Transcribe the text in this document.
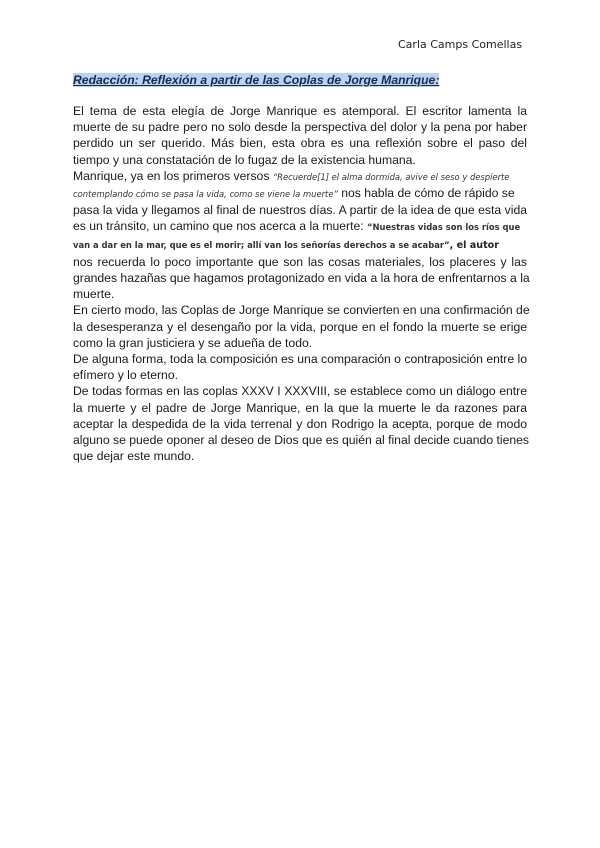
Carla Camps Comellas
Redacción: Reflexión a partir de las Coplas de Jorge Manrique:
El tema de esta elegía de Jorge Manrique es atemporal. El escritor lamenta la
muerte de su padre pero no solo desde la perspectiva del dolor y la pena por haber
perdido un ser querido. Más bien, esta obra es una reflexión sobre el paso del
tiempo y una constatación de lo fugaz de la existencia humana.
Manrique, ya en los primeros versos “Recuerde[1] el alma dormida, avive el seso y despierte
contemplando cómo se pasa la vida, como se viene la muerte” nos habla de cómo de rápido se
pasa la vida y llegamos al final de nuestros días. A partir de la idea de que esta vida
es un tránsito, un camino que nos acerca a la muerte: “Nuestras vidas son los ríos que
van a dar en la mar, que es el morir; allí van los señorías derechos a se acabar”, el autor
nos recuerda lo poco importante que son las cosas materiales, los placeres y las
grandes hazañas que hagamos protagonizado en vida a la hora de enfrentarnos a la
muerte.
En cierto modo, las Coplas de Jorge Manrique se convierten en una confirmación de
la desesperanza y el desengaño por la vida, porque en el fondo la muerte se erige
como la gran justiciera y se adueña de todo.
De alguna forma, toda la composición es una comparación o contraposición entre lo
efímero y lo eterno.
De todas formas en las coplas XXXV I XXXVIII, se establece como un diálogo entre
la muerte y el padre de Jorge Manrique, en la que la muerte le da razones para
aceptar la despedida de la vida terrenal y don Rodrigo la acepta, porque de modo
alguno se puede oponer al deseo de Dios que es quién al final decide cuando tienes
que dejar este mundo.
